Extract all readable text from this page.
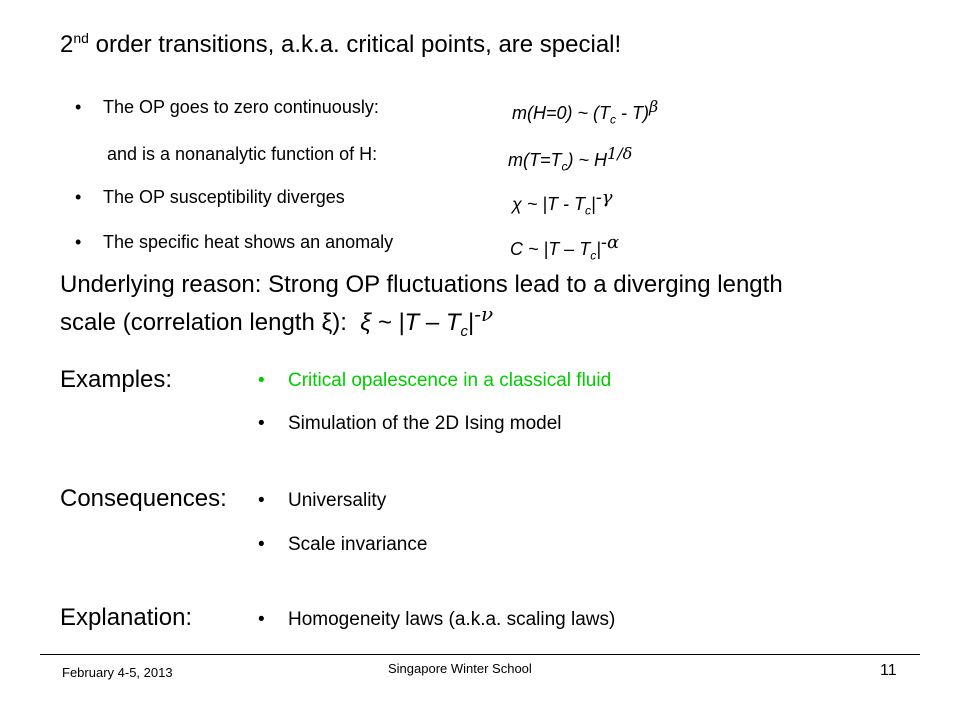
2nd order transitions, a.k.a. critical points, are special!
• The OP goes to zero continuously:	m(H=0) ~ $(T_c - T)^\beta$
and is a nonanalytic function of H:	$m(T=T_c)$ ~ $H^{1/\delta}$
• The OP susceptibility diverges	χ ~ $|T - T_c|^{-\gamma}$
• The specific heat shows an anomaly	C ~ $|T - T_c|^{-\alpha}$
Underlying reason: Strong OP fluctuations lead to a diverging length
scale (correlation length ξ): ξ ~ $|T - T_c|^{-\nu}$
Examples:	• Critical opalescence in a classical fluid
• Simulation of the 2D Ising model
Consequences: • Universality
• Scale invariance
Explanation:	• Homogeneity laws (a.k.a. scaling laws)
February 4-5, 2013	Singapore Winter School	11
